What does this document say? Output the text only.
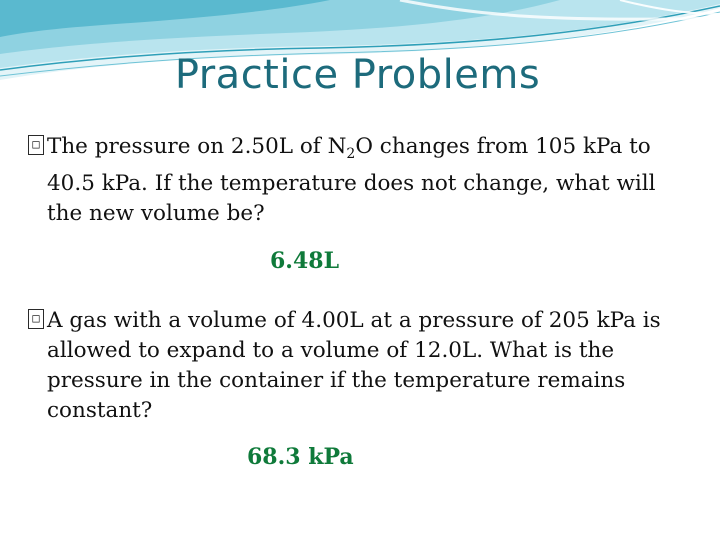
Practice Problems
□ The pressure on 2.50L of $N_2O$ changes from 105 kPa to
40.5 kPa. If the temperature does not change, what will
the new volume be?
6.48L
□ A gas with a volume of 4.00L at a pressure of 205 kPa is
allowed to expand to a volume of 12.0L. What is the
pressure in the container if the temperature remains
constant?
68.3 kPa
